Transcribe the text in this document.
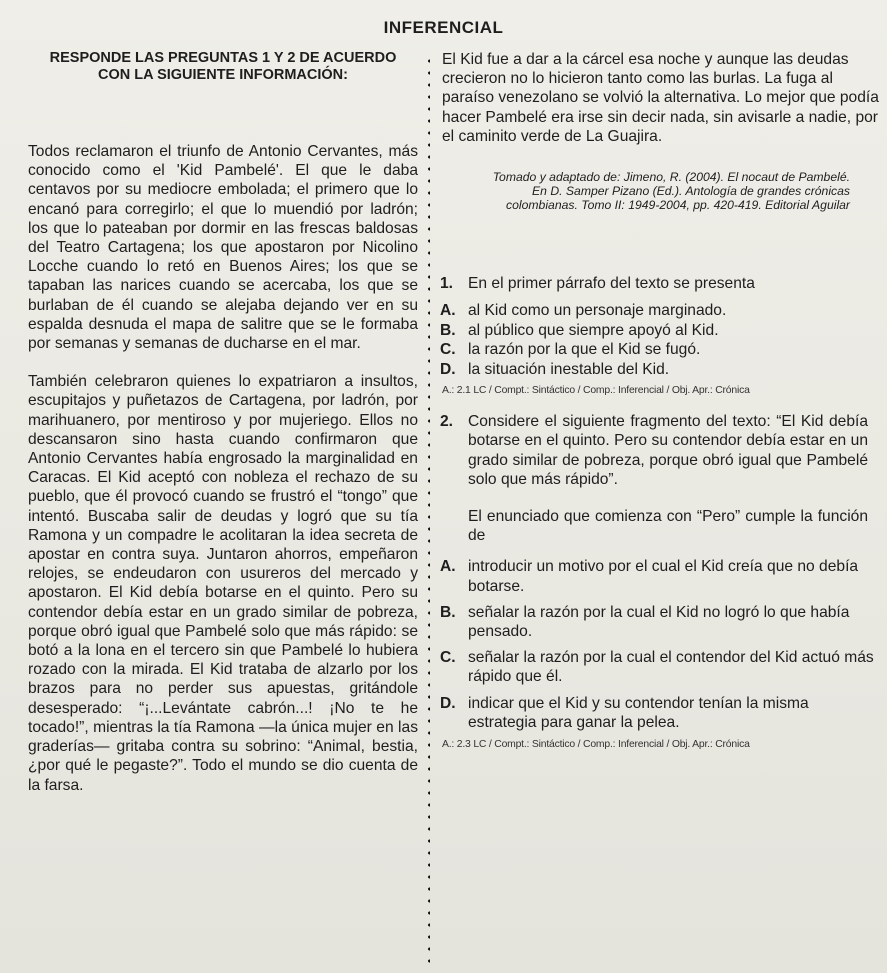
INFERENCIAL
RESPONDE LAS PREGUNTAS 1 Y 2 DE ACUERDO
CON LA SIGUIENTE INFORMACIÓN:

Todos reclamaron el triunfo de Antonio Cervantes, más conocido como el 'Kid Pambelé'. El que le daba centavos por su mediocre embolada; el primero que lo encanó para corregirlo; el que lo muendió por ladrón; los que lo pateaban por dormir en las frescas baldosas del Teatro Cartagena; los que apostaron por Nicolino Locche cuando lo retó en Buenos Aires; los que se tapaban las narices cuando se acercaba, los que se burlaban de él cuando se alejaba dejando ver en su espalda desnuda el mapa de salitre que se le formaba por semanas y semanas de ducharse en el mar.

También celebraron quienes lo expatriaron a insultos, escupitajos y puñetazos de Cartagena, por ladrón, por marihuanero, por mentiroso y por mujeriego. Ellos no descansaron sino hasta cuando confirmaron que Antonio Cervantes había engrosado la marginalidad en Caracas. El Kid aceptó con nobleza el rechazo de su pueblo, que él provocó cuando se frustró el “tongo” que intentó. Buscaba salir de deudas y logró que su tía Ramona y un compadre le acolitaran la idea secreta de apostar en contra suya. Juntaron ahorros, empeñaron relojes, se endeudaron con usureros del mercado y apostaron. El Kid debía botarse en el quinto. Pero su contendor debía estar en un grado similar de pobreza, porque obró igual que Pambelé solo que más rápido: se botó a la lona en el tercero sin que Pambelé lo hubiera rozado con la mirada. El Kid trataba de alzarlo por los brazos para no perder sus apuestas, gritándole desesperado: “¡...Levántate cabrón...! ¡No te he tocado!”, mientras la tía Ramona —la única mujer en las graderías— gritaba contra su sobrino: “Animal, bestia, ¿por qué le pegaste?”. Todo el mundo se dio cuenta de la farsa.

El Kid fue a dar a la cárcel esa noche y aunque las deudas crecieron no lo hicieron tanto como las burlas. La fuga al paraíso venezolano se volvió la alternativa. Lo mejor que podía hacer Pambelé era irse sin decir nada, sin avisarle a nadie, por el caminito verde de La Guajira.

Tomado y adaptado de: Jimeno, R. (2004). El nocaut de Pambelé.
En D. Samper Pizano (Ed.). Antología de grandes crónicas
colombianas. Tomo II: 1949-2004, pp. 420-419. Editorial Aguilar
1. En el primer párrafo del texto se presenta
A. al Kid como un personaje marginado.
B. al público que siempre apoyó al Kid.
C. la razón por la que el Kid se fugó.
D. la situación inestable del Kid.
A.: 2.1 LC / Compt.: Sintáctico / Comp.: Inferencial / Obj. Apr.: Crónica
2. Considere el siguiente fragmento del texto: “El Kid debía botarse en el quinto. Pero su contendor debía estar en un grado similar de pobreza, porque obró igual que Pambelé solo que más rápido”.
El enunciado que comienza con “Pero” cumple la función de
A. introducir un motivo por el cual el Kid creía que no debía botarse.
B. señalar la razón por la cual el Kid no logró lo que había pensado.
C. señalar la razón por la cual el contendor del Kid actuó más rápido que él.
D. indicar que el Kid y su contendor tenían la misma estrategia para ganar la pelea.
A.: 2.3 LC / Compt.: Sintáctico / Comp.: Inferencial / Obj. Apr.: Crónica
